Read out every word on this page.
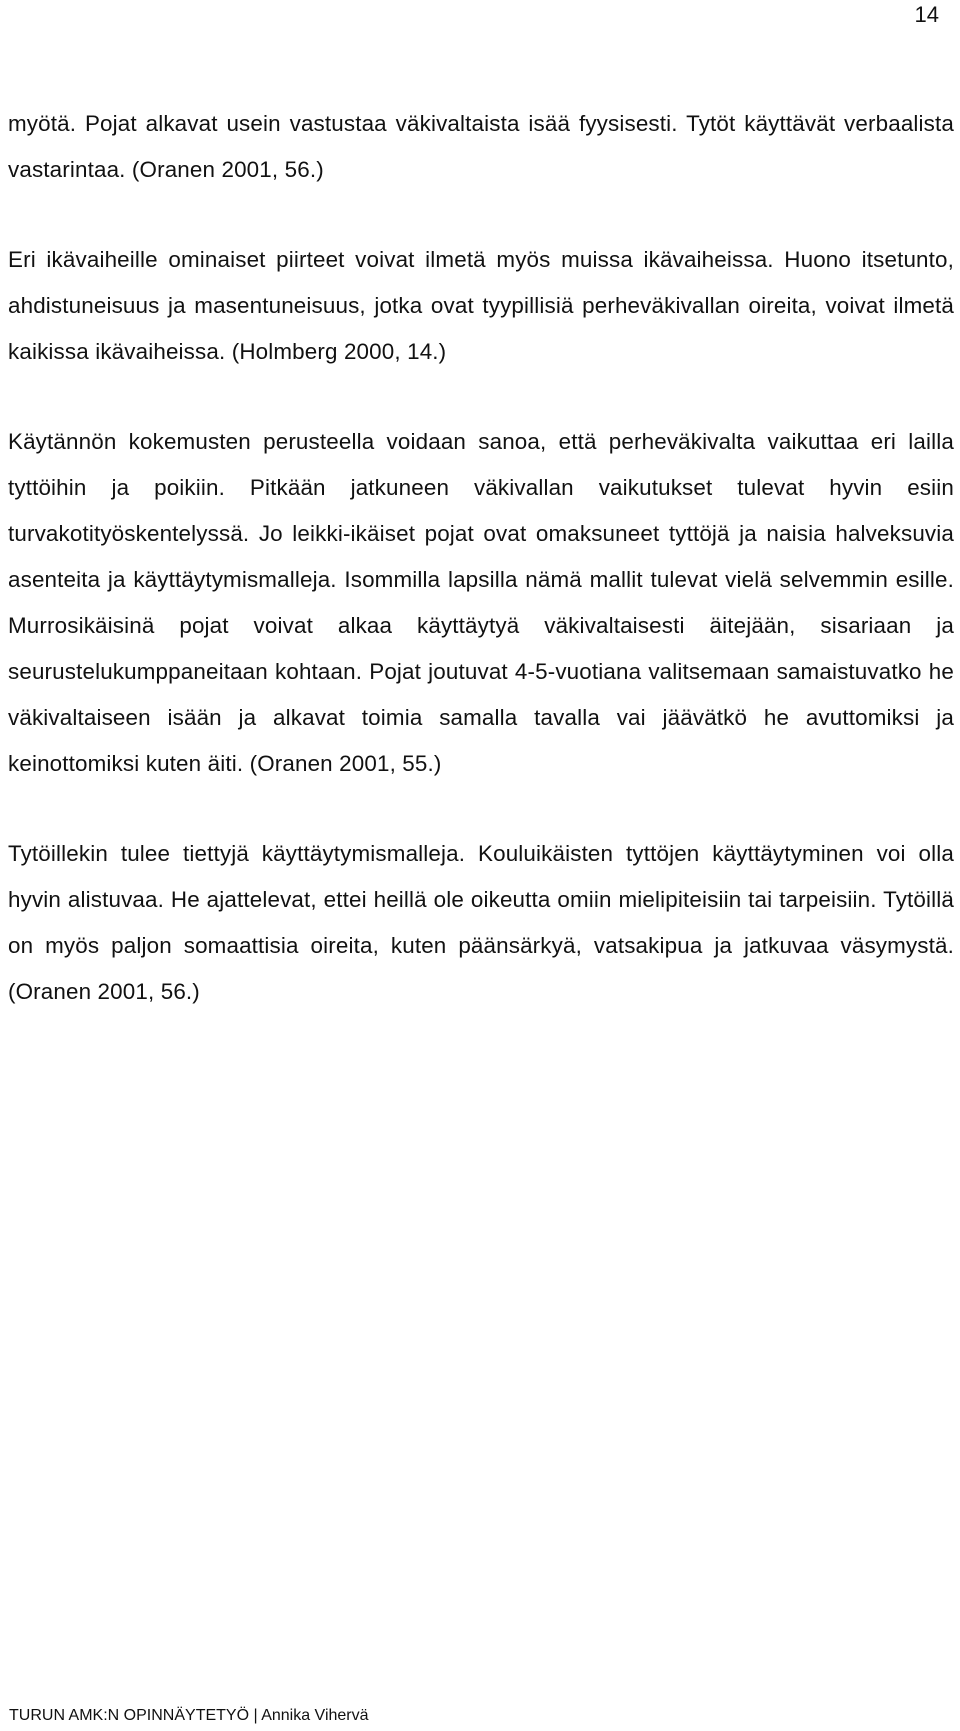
14

myötä. Pojat alkavat usein vastustaa väkivaltaista isää fyysisesti. Tytöt käyttävät verbaalista vastarintaa. (Oranen 2001, 56.)

Eri ikävaiheille ominaiset piirteet voivat ilmetä myös muissa ikävaiheissa. Huono itsetunto, ahdistuneisuus ja masentuneisuus, jotka ovat tyypillisiä perheväkivallan oireita, voivat ilmetä kaikissa ikävaiheissa. (Holmberg 2000, 14.)

Käytännön kokemusten perusteella voidaan sanoa, että perheväkivalta vaikuttaa eri lailla tyttöihin ja poikiin. Pitkään jatkuneen väkivallan vaikutukset tulevat hyvin esiin turvakotityöskentelyssä. Jo leikki-ikäiset pojat ovat omaksuneet tyttöjä ja naisia halveksuvia asenteita ja käyttäytymismalleja. Isommilla lapsilla nämä mallit tulevat vielä selvemmin esille. Murrosikäisinä pojat voivat alkaa käyttäytyä väkivaltaisesti äitejään, sisariaan ja seurustelukumppaneitaan kohtaan. Pojat joutuvat 4-5-vuotiana valitsemaan samaistuvatko he väkivaltaiseen isään ja alkavat toimia samalla tavalla vai jäävätkö he avuttomiksi ja keinottomiksi kuten äiti. (Oranen 2001, 55.)

Tytöillekin tulee tiettyjä käyttäytymismalleja. Kouluikäisten tyttöjen käyttäytyminen voi olla hyvin alistuvaa. He ajattelevat, ettei heillä ole oikeutta omiin mielipiteisiin tai tarpeisiin. Tytöillä on myös paljon somaattisia oireita, kuten päänsärkyä, vatsakipua ja jatkuvaa väsymystä. (Oranen 2001, 56.)

TURUN AMK:N OPINNÄYTETYÖ | Annika Vihervä
